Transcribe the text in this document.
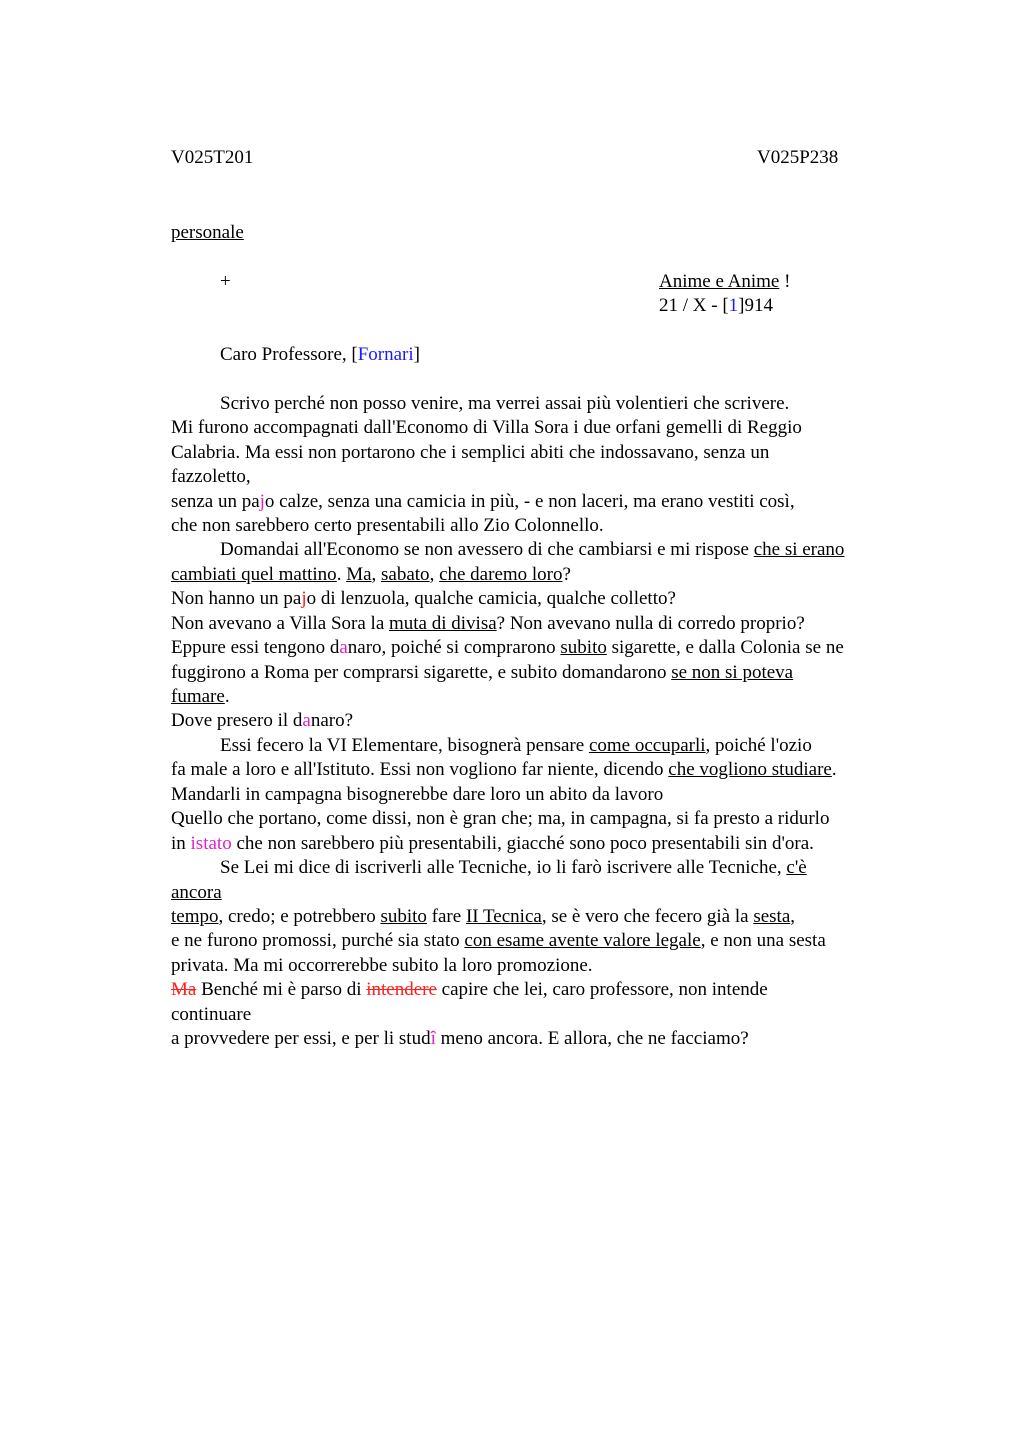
V025T201	V025P238
personale
+	Anime e Anime !
21 / X - [1]914
Caro Professore, [Fornari]
Scrivo perché non posso venire, ma verrei assai più volentieri che scrivere.
Mi furono accompagnati dall'Economo di Villa Sora i due orfani gemelli di Reggio
Calabria. Ma essi non portarono che i semplici abiti che indossavano, senza un
fazzoletto,
senza un pajo calze, senza una camicia in più, - e non laceri, ma erano vestiti così,
che non sarebbero certo presentabili allo Zio Colonnello.
Domandai all'Economo se non avessero di che cambiarsi e mi rispose che si erano
cambiati quel mattino. Ma, sabato, che daremo loro?
Non hanno un pajo di lenzuola, qualche camicia, qualche colletto?
Non avevano a Villa Sora la muta di divisa? Non avevano nulla di corredo proprio?
Eppure essi tengono danaro, poiché si comprarono subito sigarette, e dalla Colonia se ne
fuggirono a Roma per comprarsi sigarette, e subito domandarono se non si poteva
fumare.
Dove presero il danaro?
Essi fecero la VI Elementare, bisognerà pensare come occuparli, poiché l'ozio
fa male a loro e all'Istituto. Essi non vogliono far niente, dicendo che vogliono studiare.
Mandarli in campagna bisognerebbe dare loro un abito da lavoro
Quello che portano, come dissi, non è gran che; ma, in campagna, si fa presto a ridurlo
in istato che non sarebbero più presentabili, giacché sono poco presentabili sin d'ora.
Se Lei mi dice di iscriverli alle Tecniche, io li farò iscrivere alle Tecniche, c'è
ancora
tempo, credo; e potrebbero subito fare II Tecnica, se è vero che fecero già la sesta,
e ne furono promossi, purché sia stato con esame avente valore legale, e non una sesta
privata. Ma mi occorrerebbe subito la loro promozione.
Ma Benché mi è parso di intendere capire che lei, caro professore, non intende
continuare
a provvedere per essi, e per li studî meno ancora. E allora, che ne facciamo?
